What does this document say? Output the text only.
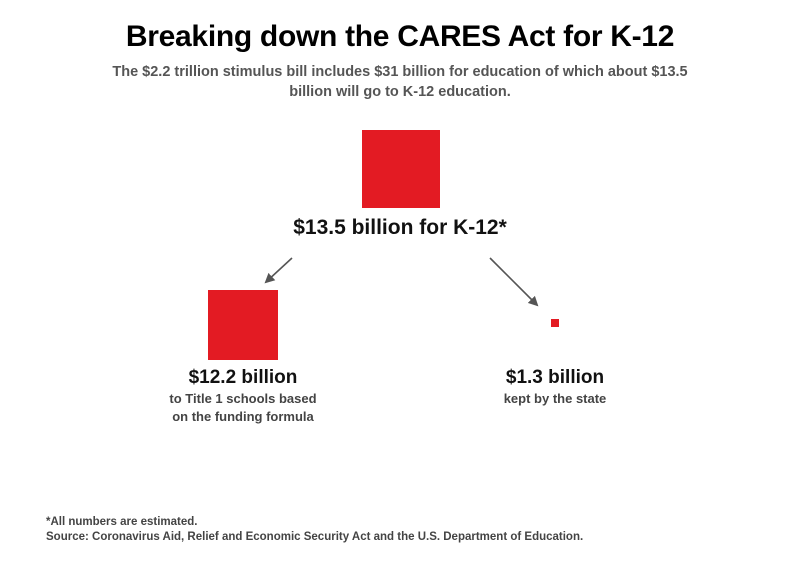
Breaking down the CARES Act for K-12
The $2.2 trillion stimulus bill includes $31 billion for education of which about $13.5 billion will go to K-12 education.
$13.5 billion for K-12*
$12.2 billion
to Title 1 schools based
on the funding formula
$1.3 billion
kept by the state
*All numbers are estimated.
Source: Coronavirus Aid, Relief and Economic Security Act and the U.S. Department of Education.
